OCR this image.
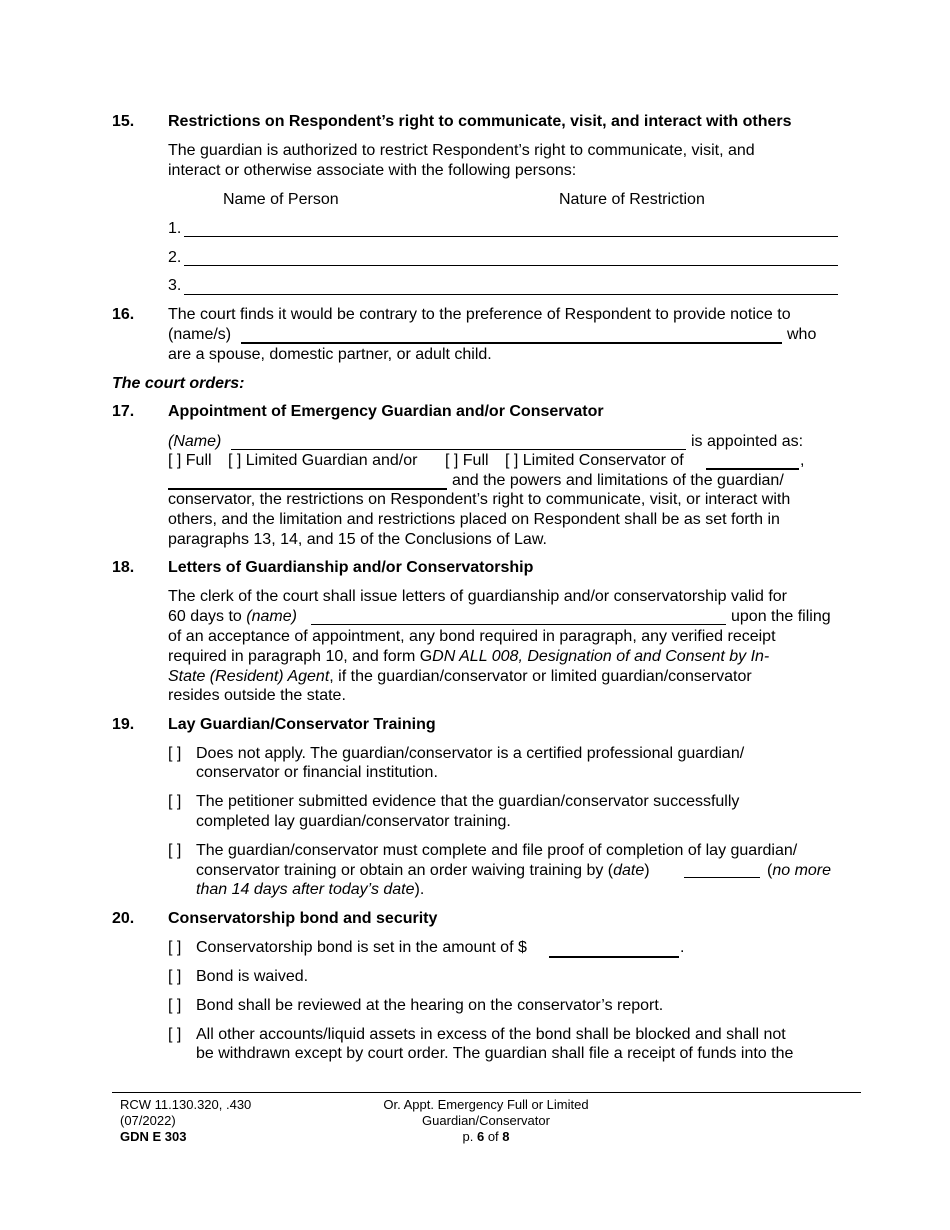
15. Restrictions on Respondent’s right to communicate, visit, and interact with others
The guardian is authorized to restrict Respondent’s right to communicate, visit, and
interact or otherwise associate with the following persons:
Name of Person	Nature of Restriction
1.
2.
3.
16. The court finds it would be contrary to the preference of Respondent to provide notice to
(name/s)	who
are a spouse, domestic partner, or adult child.
The court orders:
17. Appointment of Emergency Guardian and/or Conservator
(Name)	is appointed as:
[ ] Full [ ] Limited Guardian and/or [ ] Full [ ] Limited Conservator of	,
and the powers and limitations of the guardian/
conservator, the restrictions on Respondent’s right to communicate, visit, or interact with
others, and the limitation and restrictions placed on Respondent shall be as set forth in
paragraphs 13, 14, and 15 of the Conclusions of Law.
18. Letters of Guardianship and/or Conservatorship
The clerk of the court shall issue letters of guardianship and/or conservatorship valid for
60 days to (name)	upon the filing
of an acceptance of appointment, any bond required in paragraph, any verified receipt
required in paragraph 10, and form GDN ALL 008, Designation of and Consent by In-
State (Resident) Agent, if the guardian/conservator or limited guardian/conservator
resides outside the state.
19. Lay Guardian/Conservator Training
[ ] Does not apply. The guardian/conservator is a certified professional guardian/
conservator or financial institution.
[ ] The petitioner submitted evidence that the guardian/conservator successfully
completed lay guardian/conservator training.
[ ] The guardian/conservator must complete and file proof of completion of lay guardian/
conservator training or obtain an order waiving training by (date)	(no more
than 14 days after today’s date).
20. Conservatorship bond and security
[ ] Conservatorship bond is set in the amount of $	.
[ ] Bond is waived.
[ ] Bond shall be reviewed at the hearing on the conservator’s report.
[ ] All other accounts/liquid assets in excess of the bond shall be blocked and shall not
be withdrawn except by court order. The guardian shall file a receipt of funds into the
RCW 11.130.320, .430
(07/2022)
GDN E 303
Or. Appt. Emergency Full or Limited
Guardian/Conservator
p. 6 of 8
